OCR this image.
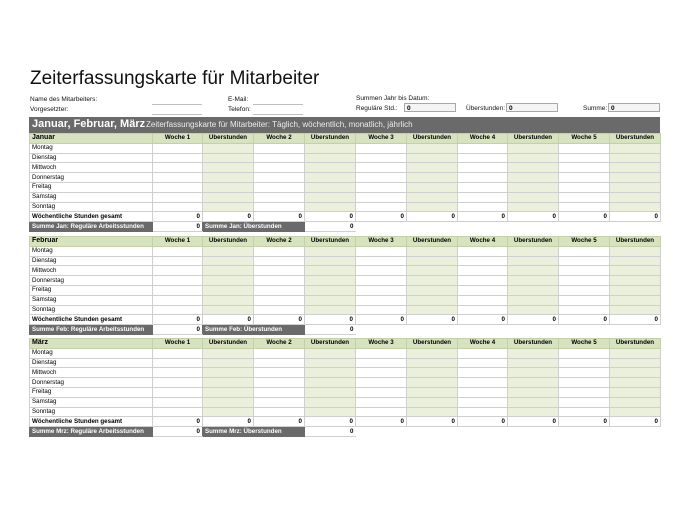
Zeiterfassungskarte für Mitarbeiter
Name des Mitarbeiters:
Vorgesetzter:
E-Mail:
Telefon:
Summen Jahr bis Datum:
Reguläre Std.:	0	Überstunden: 0	Summe: 0
Januar, Februar, März Zeiterfassungskarte für Mitarbeiter: Täglich, wöchentlich, monatlich, jährlich
Januar	Woche 1	Überstunden	Woche 2	Überstunden	Woche 3	Überstunden	Woche 4	Überstunden	Woche 5	Überstunden
Montag										
Dienstag										
Mittwoch										
Donnerstag										
Freitag										
Samstag										
Sonntag										
Wöchentliche Stunden gesamt	0	0	0	0	0	0	0	0	0	0
Summe Jan: Reguläre Arbeitsstunden	0	Summe Jan: Überstunden		0						
Februar	Woche 1	Überstunden	Woche 2	Überstunden	Woche 3	Überstunden	Woche 4	Überstunden	Woche 5	Überstunden
Montag										
Dienstag										
Mittwoch										
Donnerstag										
Freitag										
Samstag										
Sonntag										
Wöchentliche Stunden gesamt	0	0	0	0	0	0	0	0	0	0
Summe Feb: Reguläre Arbeitsstunden	0	Summe Feb: Überstunden		0						
März	Woche 1	Überstunden	Woche 2	Überstunden	Woche 3	Überstunden	Woche 4	Überstunden	Woche 5	Überstunden
Montag										
Dienstag										
Mittwoch										
Donnerstag										
Freitag										
Samstag										
Sonntag										
Wöchentliche Stunden gesamt	0	0	0	0	0	0	0	0	0	0
Summe Mrz: Reguläre Arbeitsstunden	0	Summe Mrz: Überstunden		0						
